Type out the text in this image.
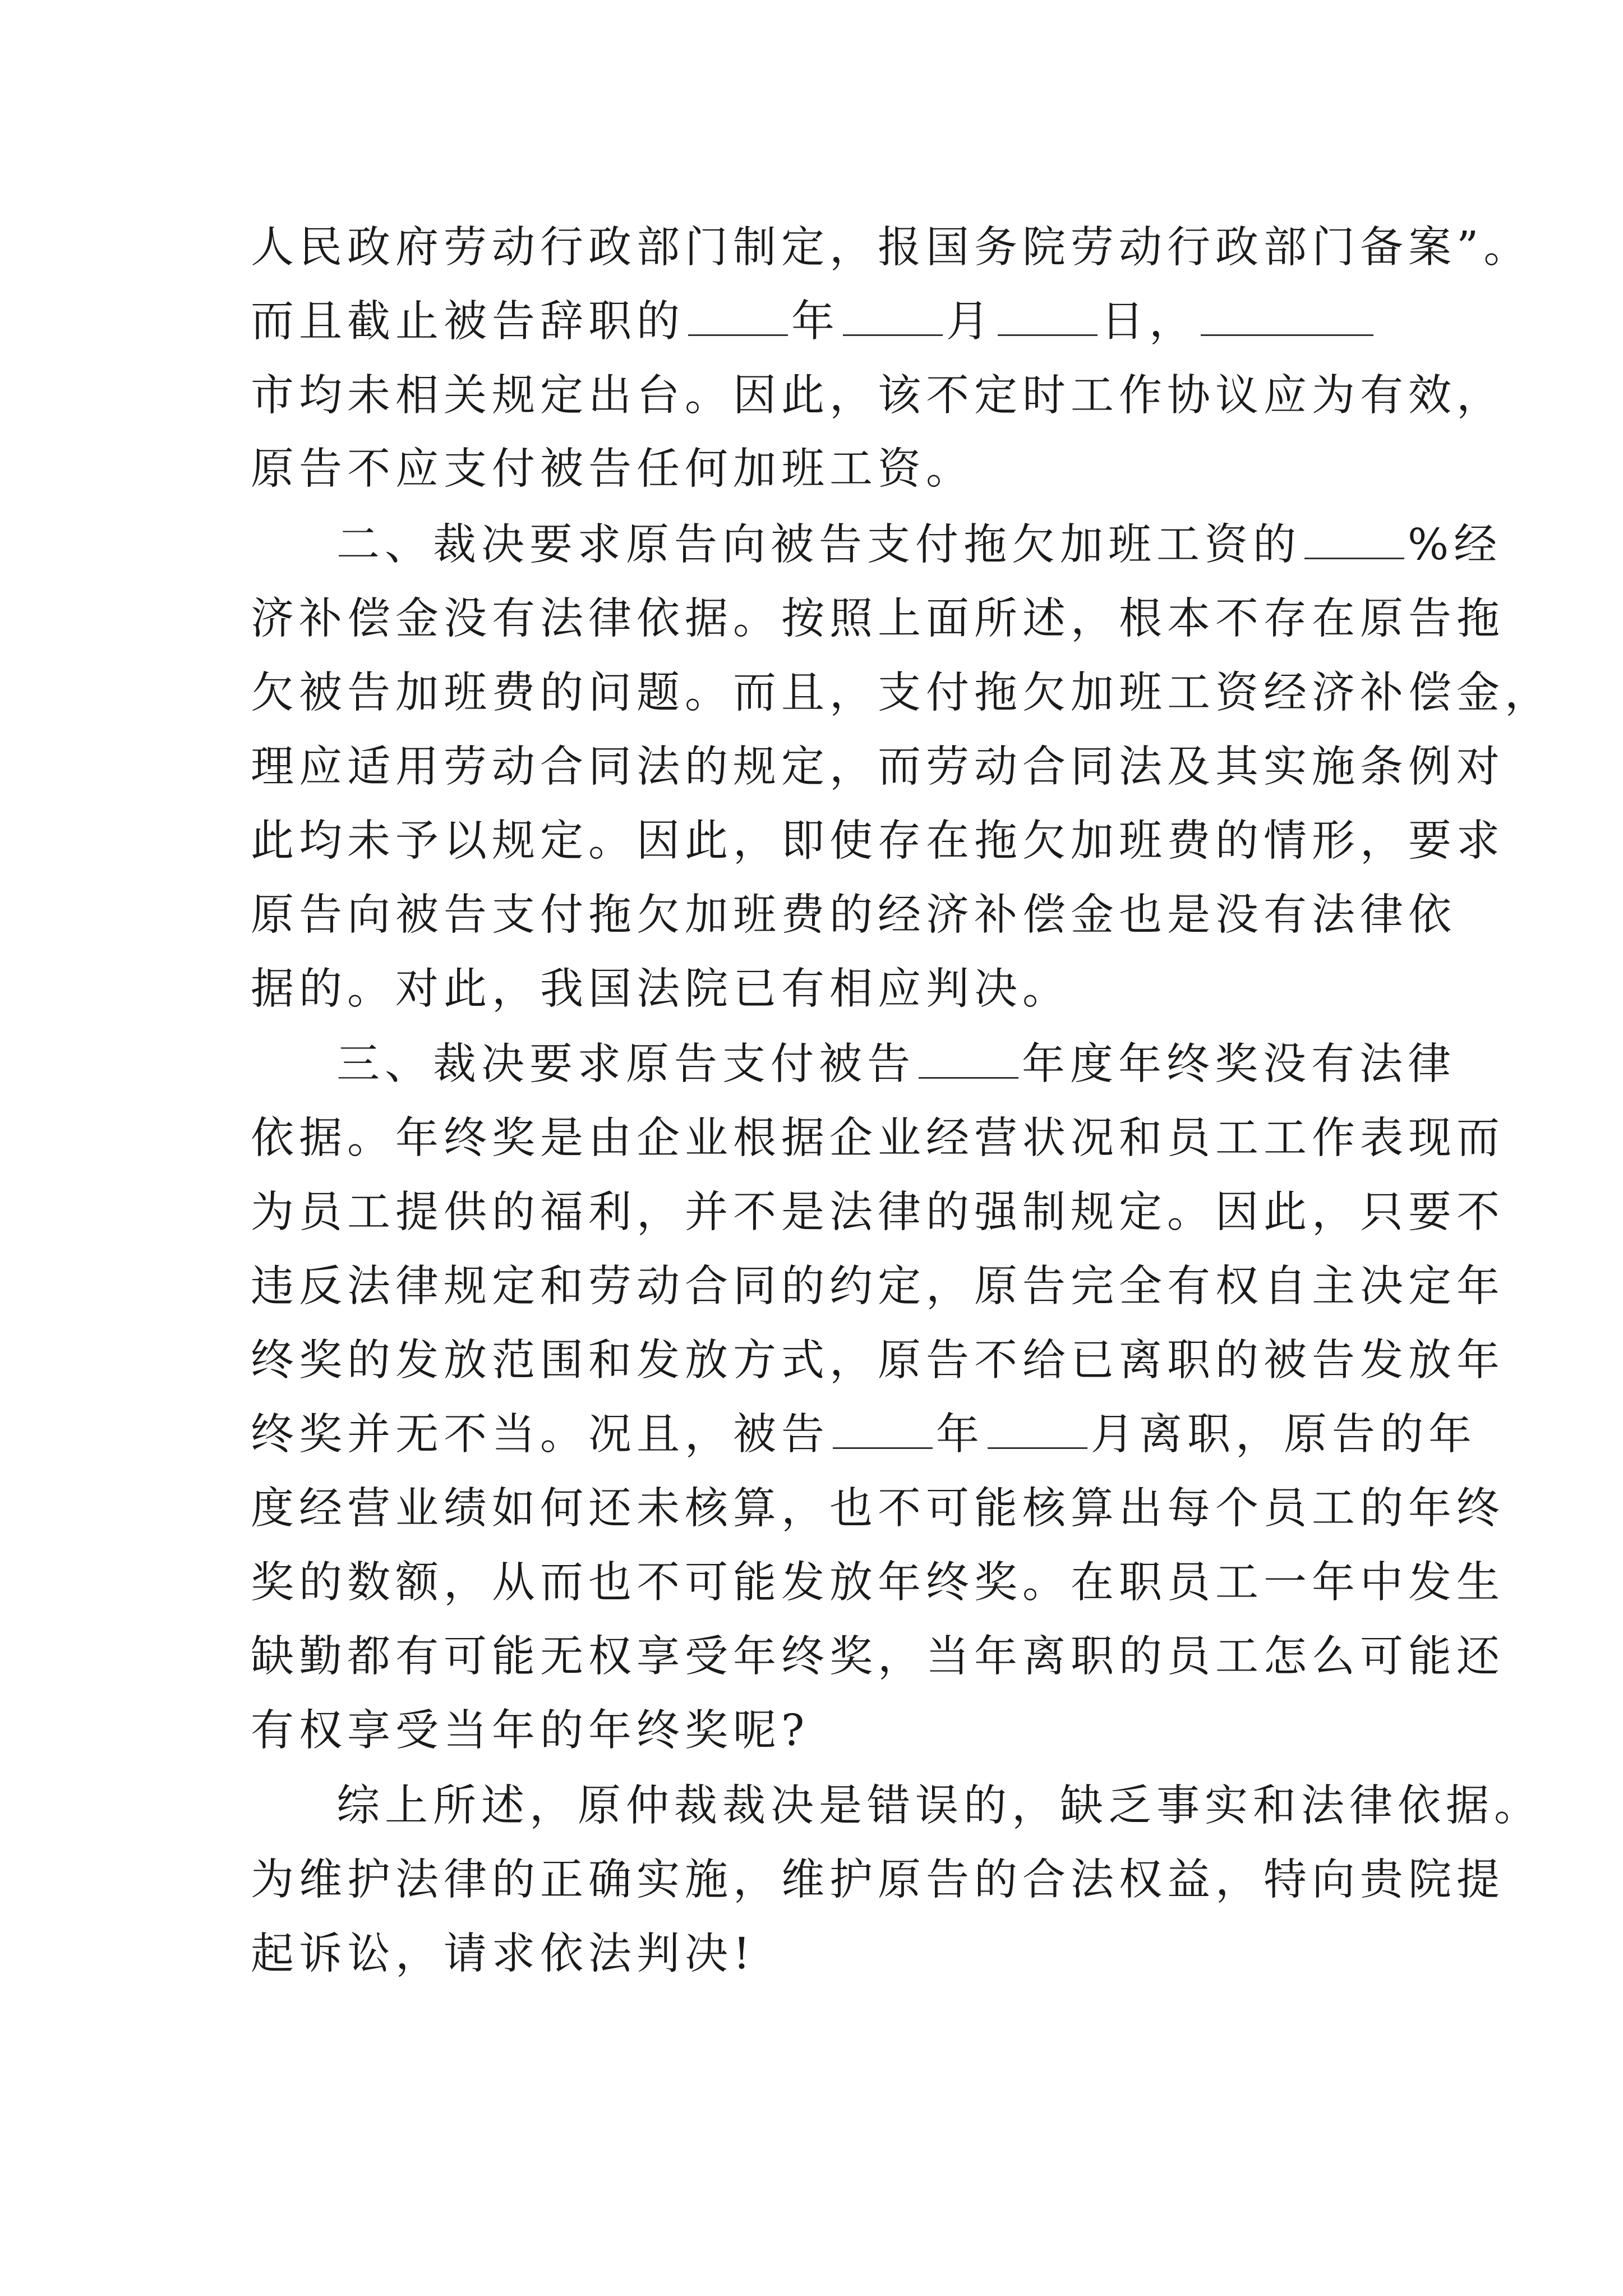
人民政府劳动行政部门制定，报国务院劳动行政部门备案”。
而且截止被告辞职的 年 月 日，
市均未相关规定出台。因此，该不定时工作协议应为有效，
原告不应支付被告任何加班工资。
二、裁决要求原告向被告支付拖欠加班工资的 %经
济补偿金没有法律依据。按照上面所述，根本不存在原告拖
欠被告加班费的问题。而且，支付拖欠加班工资经济补偿金，
理应适用劳动合同法的规定，而劳动合同法及其实施条例对
此均未予以规定。因此，即使存在拖欠加班费的情形，要求
原告向被告支付拖欠加班费的经济补偿金也是没有法律依
据的。对此，我国法院已有相应判决。
三、裁决要求原告支付被告 年度年终奖没有法律
依据。年终奖是由企业根据企业经营状况和员工工作表现而
为员工提供的福利，并不是法律的强制规定。因此，只要不
违反法律规定和劳动合同的约定，原告完全有权自主决定年
终奖的发放范围和发放方式，原告不给已离职的被告发放年
终奖并无不当。况且，被告 年 月离职，原告的年
度经营业绩如何还未核算，也不可能核算出每个员工的年终
奖的数额，从而也不可能发放年终奖。在职员工一年中发生
缺勤都有可能无权享受年终奖，当年离职的员工怎么可能还
有权享受当年的年终奖呢?
综上所述，原仲裁裁决是错误的，缺乏事实和法律依据。
为维护法律的正确实施，维护原告的合法权益，特向贵院提
起诉讼，请求依法判决!
